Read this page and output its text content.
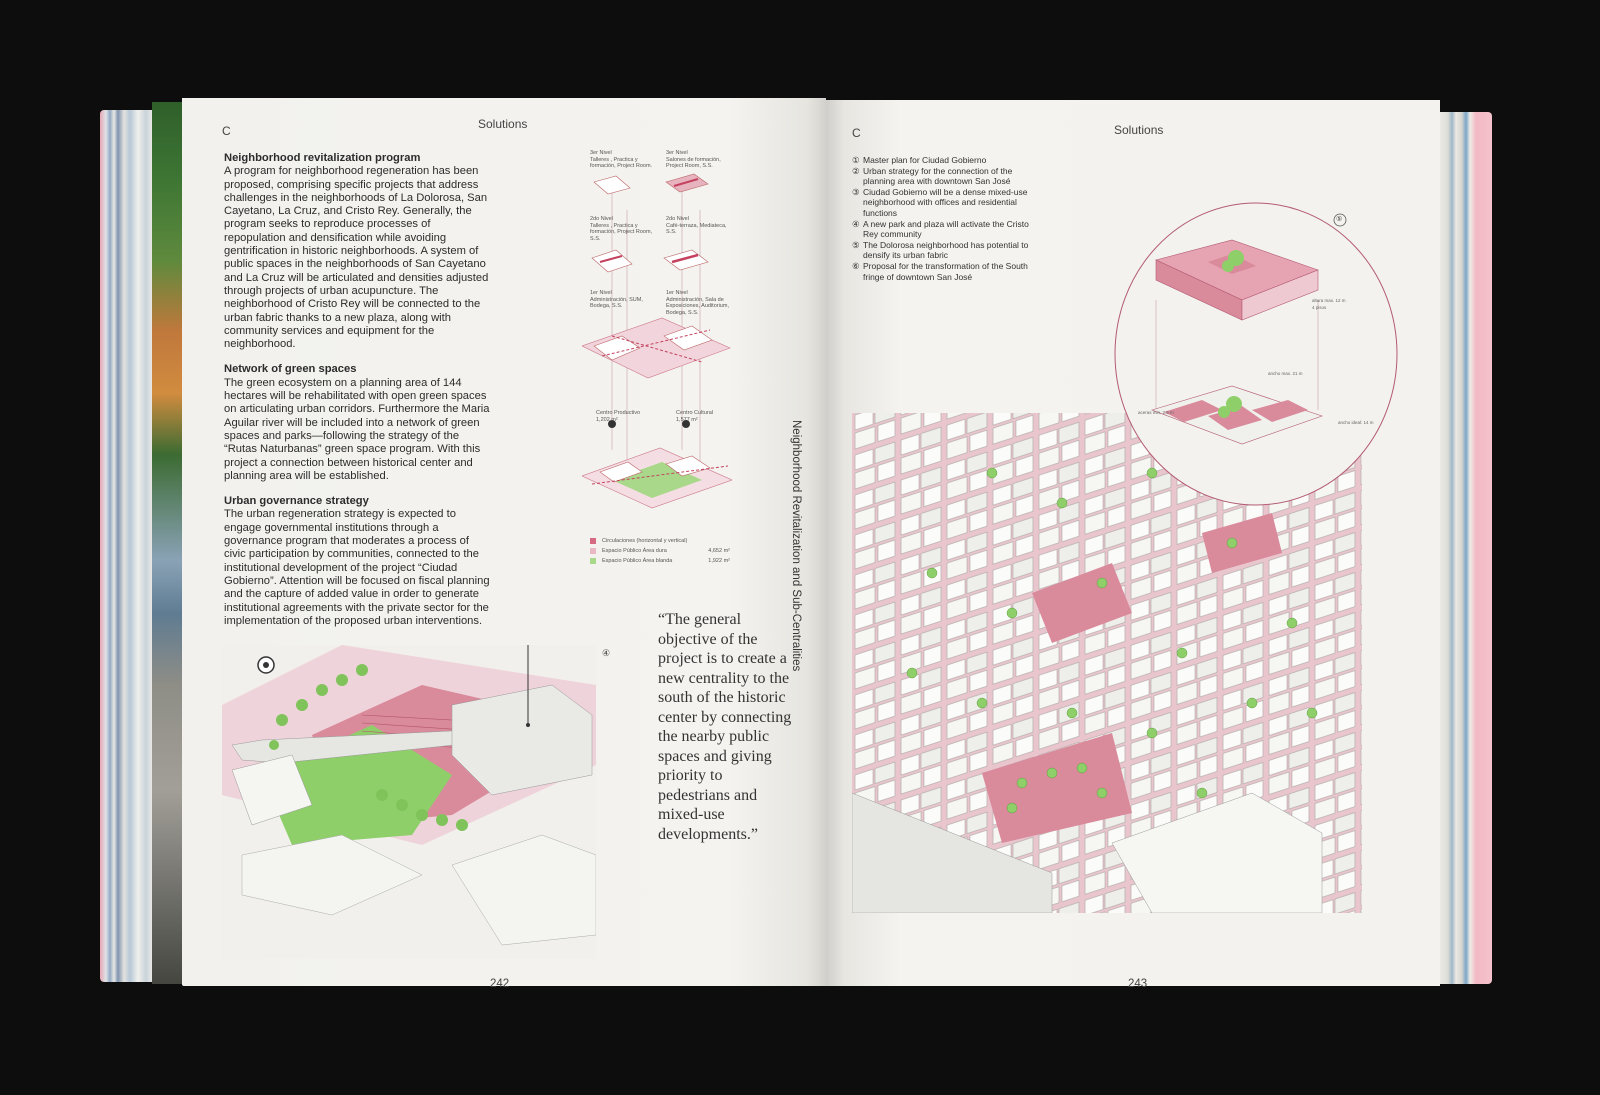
C	Solutions
Neighborhood revitalization program

A program for neighborhood regeneration has been proposed, comprising specific projects that address challenges in the neighborhoods of La Dolorosa, San Cayetano, La Cruz, and Cristo Rey. Generally, the program seeks to reproduce processes of repopulation and densification while avoiding gentrification in historic neighborhoods. A system of public spaces in the neighborhoods of San Cayetano and La Cruz will be articulated and densities adjusted through projects of urban acupuncture. The neighborhood of Cristo Rey will be connected to the urban fabric thanks to a new plaza, along with community services and equipment for the neighborhood.

Network of green spaces

The green ecosystem on a planning area of 144 hectares will be rehabilitated with open green spaces on articulating urban corridors. Furthermore the Maria Aguilar river will be included into a network of green spaces and parks—following the strategy of the “Rutas Naturbanas” green space program. With this project a connection between historical center and planning area will be established.

Urban governance strategy

The urban regeneration strategy is expected to engage governmental institutions through a governance program that moderates a process of civic participation by communities, connected to the institutional development of the project “Ciudad Gobierno”. Attention will be focused on fiscal planning and the capture of added value in order to generate institutional agreements with the private sector for the implementation of the proposed urban interventions.

3er Nivel
Talleres , Practica y formación, Project Room.
3er Nivel
Salones de formación, Project Room, S.S.
2do Nivel
Talleres , Practica y formación, Project Room, S.S.
2do Nivel
Café-terraza, Mediateca, S.S.
1er Nivel
Administración, SUM, Bodega, S.S.
1er Nivel
Administración, Sala de Exposiciones, Auditorium, Bodega, S.S.
Centro Productivo
1,202 m²
Centro Cultural
1,577 m²
Circulaciones (horizontal y vertical)
Espacio Público Área dura	4,652 m²
Espacio Público Área blanda	1,922 m²
④
“The general objective of the project is to create a new centrality to the south of the historic center by connecting the nearby public spaces and giving priority to pedestrians and mixed-use developments.”
Neighborhood Revitalization and Sub-Centralities
242
C	Solutions
① Master plan for Ciudad Gobierno
② Urban strategy for the connection of the planning area with downtown San José
③ Ciudad Gobierno will be a dense mixed-use neighborhood with offices and residential functions
④ A new park and plaza will activate the Cristo Rey community
⑤ The Dolorosa neighborhood has potential to densify its urban fabric
⑥ Proposal for the transformation of the South fringe of downtown San José
⑤
altura max. 12 m
4 pisos
ancho max. 21 m
aceras min. 2,5 m
ancho ideal: 14 m
243
